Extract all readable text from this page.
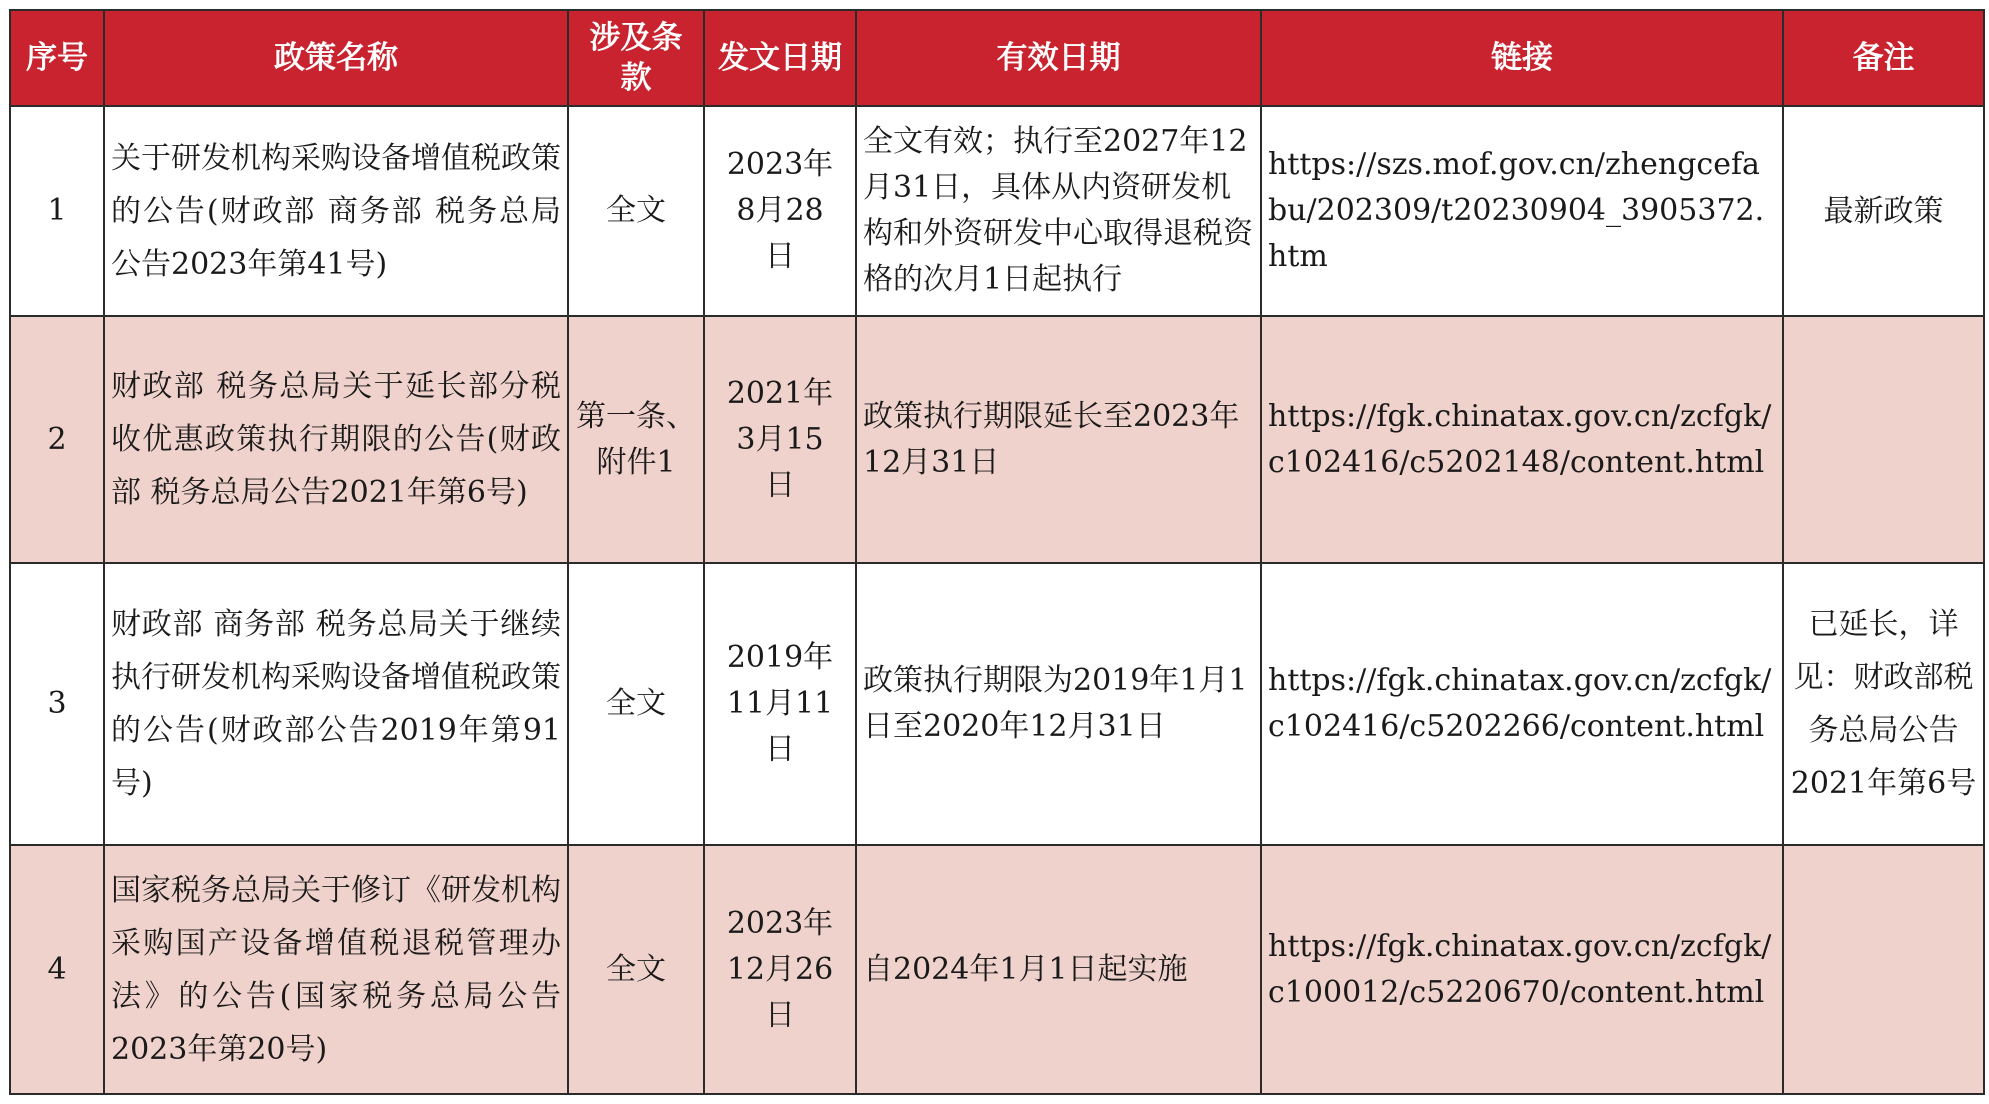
序号	政策名称	涉及条款	发文日期	有效日期	链接	备注
1	关于研发机构采购设备增值税政策的公告(财政部 商务部 税务总局公告2023年第41号)	全文	2023年8月28日	全文有效；执行至2027年12月31日，具体从内资研发机构和外资研发中心取得退税资格的次月1日起执行	https://szs.mof.gov.cn/zhengcefabu/202309/t20230904_3905372.htm	最新政策
2	财政部 税务总局关于延长部分税收优惠政策执行期限的公告(财政部 税务总局公告2021年第6号)	第一条、附件1	2021年3月15日	政策执行期限延长至2023年12月31日	https://fgk.chinatax.gov.cn/zcfgk/c102416/c5202148/content.html	
3	财政部 商务部 税务总局关于继续执行研发机构采购设备增值税政策的公告(财政部公告2019年第91号)	全文	2019年11月11日	政策执行期限为2019年1月1日至2020年12月31日	https://fgk.chinatax.gov.cn/zcfgk/c102416/c5202266/content.html	已延长，详见：财政部税务总局公告2021年第6号
4	国家税务总局关于修订《研发机构采购国产设备增值税退税管理办法》的公告(国家税务总局公告2023年第20号)	全文	2023年12月26日	自2024年1月1日起实施	https://fgk.chinatax.gov.cn/zcfgk/c100012/c5220670/content.html	
